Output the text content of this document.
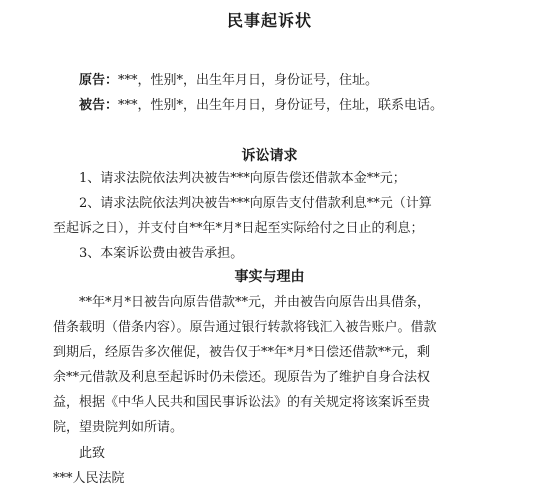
民事起诉状
原告：***，性别*，出生年月日，身份证号，住址。
被告：***，性别*，出生年月日，身份证号，住址，联系电话。
诉讼请求
1、请求法院依法判决被告***向原告偿还借款本金**元；
2、请求法院依法判决被告***向原告支付借款利息**元（计算
至起诉之日），并支付自**年*月*日起至实际给付之日止的利息；
3、本案诉讼费由被告承担。
事实与理由
**年*月*日被告向原告借款**元，并由被告向原告出具借条，
借条载明（借条内容）。原告通过银行转款将钱汇入被告账户。借款
到期后，经原告多次催促，被告仅于**年*月*日偿还借款**元，剩
余**元借款及利息至起诉时仍未偿还。现原告为了维护自身合法权
益，根据《中华人民共和国民事诉讼法》的有关规定将该案诉至贵
院，望贵院判如所请。
此致
***人民法院
